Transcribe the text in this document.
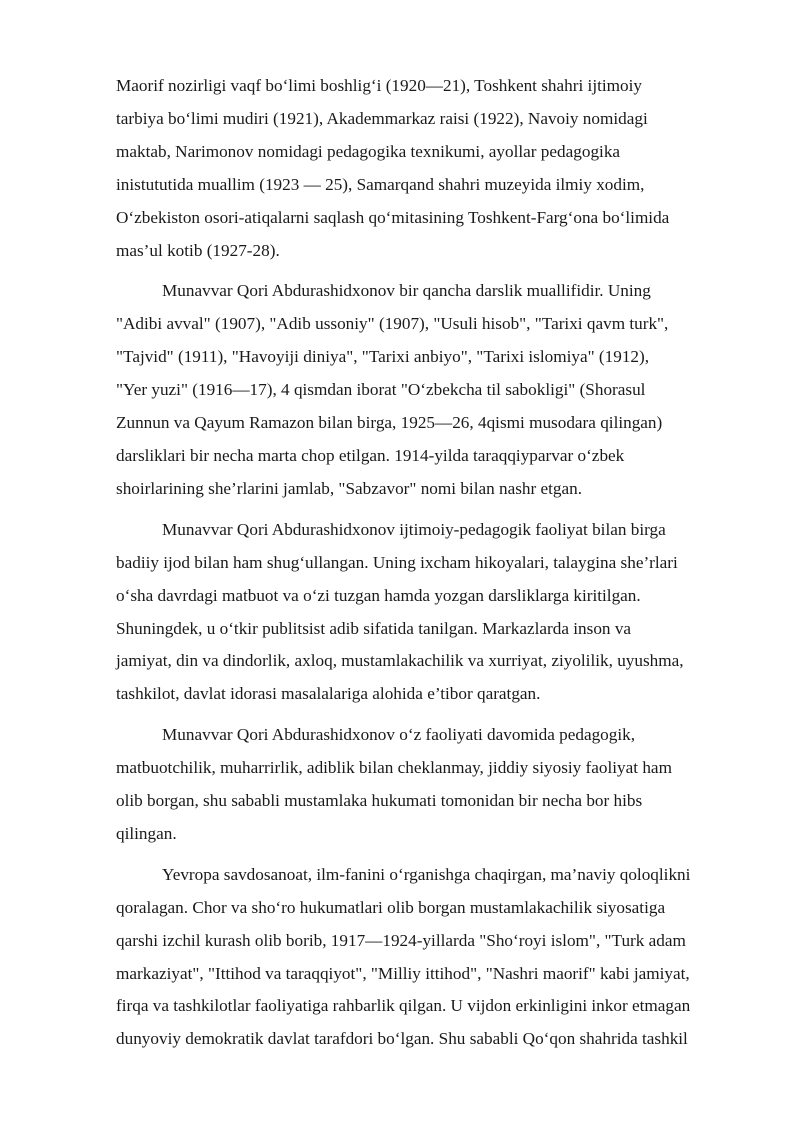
Maorif nozirligi vaqf boʻlimi boshligʻi (1920—21), Toshkent shahri ijtimoiy
tarbiya boʻlimi mudiri (1921), Akademmarkaz raisi (1922), Navoiy nomidagi
maktab, Narimonov nomidagi pedagogika texnikumi, ayollar pedagogika
inistututida muallim (1923 — 25), Samarqand shahri muzeyida ilmiy xodim,
Oʻzbekiston osori-atiqalarni saqlash qoʻmitasining Toshkent-Fargʻona boʻlimida
mas’ul kotib (1927-28).

Munavvar Qori Abdurashidxonov bir qancha darslik muallifidir. Uning
"Adibi avval" (1907), "Adib ussoniy" (1907), "Usuli hisob", "Tarixi qavm turk",
"Tajvid" (1911), "Havoyiji diniya", "Tarixi anbiyo", "Tarixi islomiya" (1912),
"Yer yuzi" (1916—17), 4 qismdan iborat "Oʻzbekcha til sabokligi" (Shorasul
Zunnun va Qayum Ramazon bilan birga, 1925—26, 4qismi musodara qilingan)
darsliklari bir necha marta chop etilgan. 1914-yilda taraqqiyparvar oʻzbek
shoirlarining she’rlarini jamlab, "Sabzavor" nomi bilan nashr etgan.

Munavvar Qori Abdurashidxonov ijtimoiy-pedagogik faoliyat bilan birga
badiiy ijod bilan ham shugʻullangan. Uning ixcham hikoyalari, talaygina she’rlari
oʻsha davrdagi matbuot va oʻzi tuzgan hamda yozgan darsliklarga kiritilgan.
Shuningdek, u oʻtkir publitsist adib sifatida tanilgan. Markazlarda inson va
jamiyat, din va dindorlik, axloq, mustamlakachilik va xurriyat, ziyolilik, uyushma,
tashkilot, davlat idorasi masalalariga alohida e’tibor qaratgan.

Munavvar Qori Abdurashidxonov oʻz faoliyati davomida pedagogik,
matbuotchilik, muharrirlik, adiblik bilan cheklanmay, jiddiy siyosiy faoliyat ham
olib borgan, shu sababli mustamlaka hukumati tomonidan bir necha bor hibs
qilingan.

Yevropa savdosanoat, ilm-fanini oʻrganishga chaqirgan, ma’naviy qoloqlikni
qoralagan. Chor va shoʻro hukumatlari olib borgan mustamlakachilik siyosatiga
qarshi izchil kurash olib borib, 1917—1924-yillarda "Shoʻroyi islom", "Turk adam
markaziyat", "Ittihod va taraqqiyot", "Milliy ittihod", "Nashri maorif" kabi jamiyat,
firqa va tashkilotlar faoliyatiga rahbarlik qilgan. U vijdon erkinligini inkor etmagan
dunyoviy demokratik davlat tarafdori boʻlgan. Shu sababli Qoʻqon shahrida tashkil
